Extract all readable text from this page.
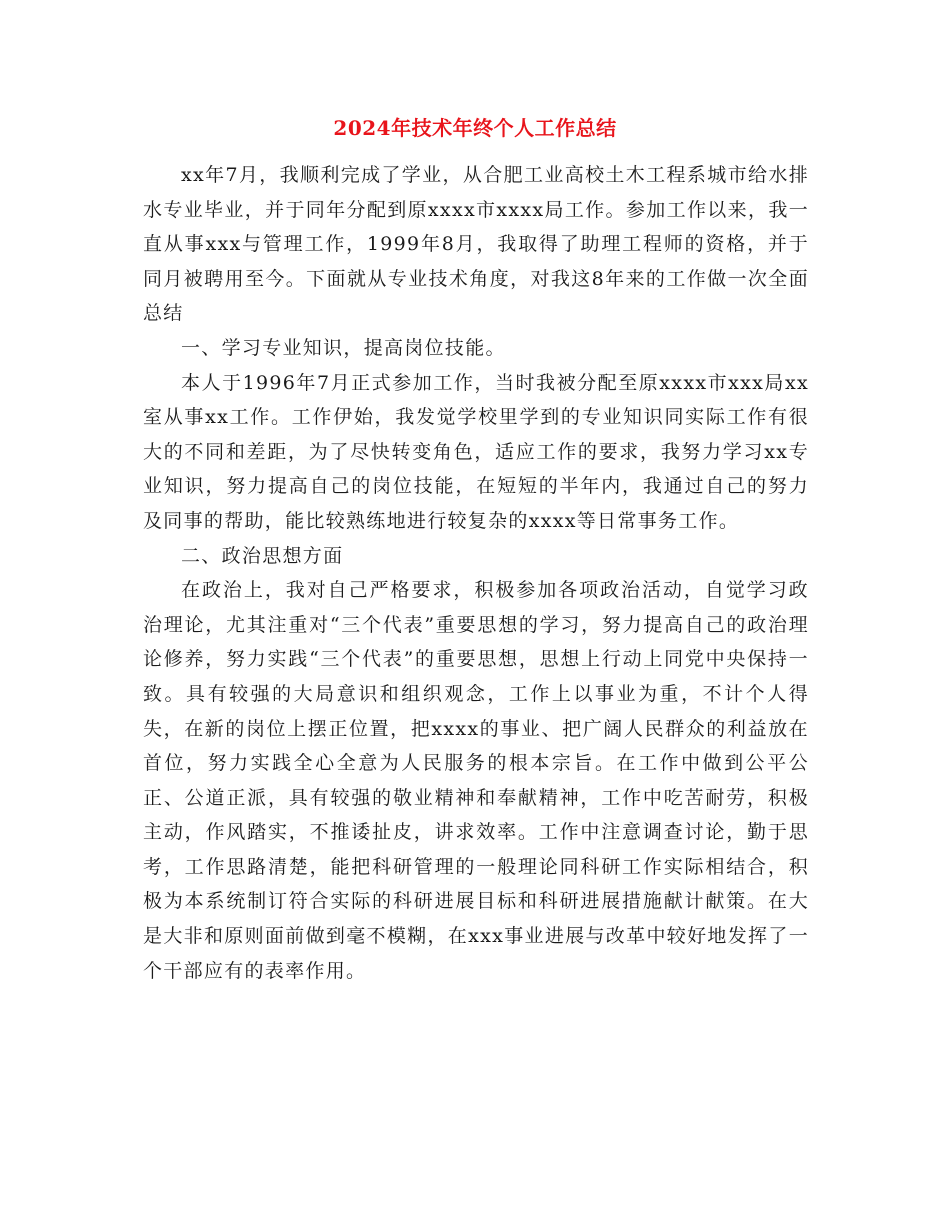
2024年技术年终个人工作总结

xx年7月，我顺利完成了学业，从合肥工业高校土木工程系城市给水排水专业毕业，并于同年分配到原xxxx市xxxx局工作。参加工作以来，我一直从事xxx与管理工作，1999年8月，我取得了助理工程师的资格，并于同月被聘用至今。下面就从专业技术角度，对我这8年来的工作做一次全面总结

一、学习专业知识，提高岗位技能。

本人于1996年7月正式参加工作，当时我被分配至原xxxx市xxx局xx室从事xx工作。工作伊始，我发觉学校里学到的专业知识同实际工作有很大的不同和差距，为了尽快转变角色，适应工作的要求，我努力学习xx专业知识，努力提高自己的岗位技能，在短短的半年内，我通过自己的努力及同事的帮助，能比较熟练地进行较复杂的xxxx等日常事务工作。

二、政治思想方面

在政治上，我对自己严格要求，积极参加各项政治活动，自觉学习政治理论，尤其注重对“三个代表”重要思想的学习，努力提高自己的政治理论修养，努力实践“三个代表”的重要思想，思想上行动上同党中央保持一致。具有较强的大局意识和组织观念，工作上以事业为重，不计个人得失，在新的岗位上摆正位置，把xxxx的事业、把广阔人民群众的利益放在首位，努力实践全心全意为人民服务的根本宗旨。在工作中做到公平公正、公道正派，具有较强的敬业精神和奉献精神，工作中吃苦耐劳，积极主动，作风踏实，不推诿扯皮，讲求效率。工作中注意调查讨论，勤于思考，工作思路清楚，能把科研管理的一般理论同科研工作实际相结合，积极为本系统制订符合实际的科研进展目标和科研进展措施献计献策。在大是大非和原则面前做到毫不模糊，在xxx事业进展与改革中较好地发挥了一个干部应有的表率作用。
